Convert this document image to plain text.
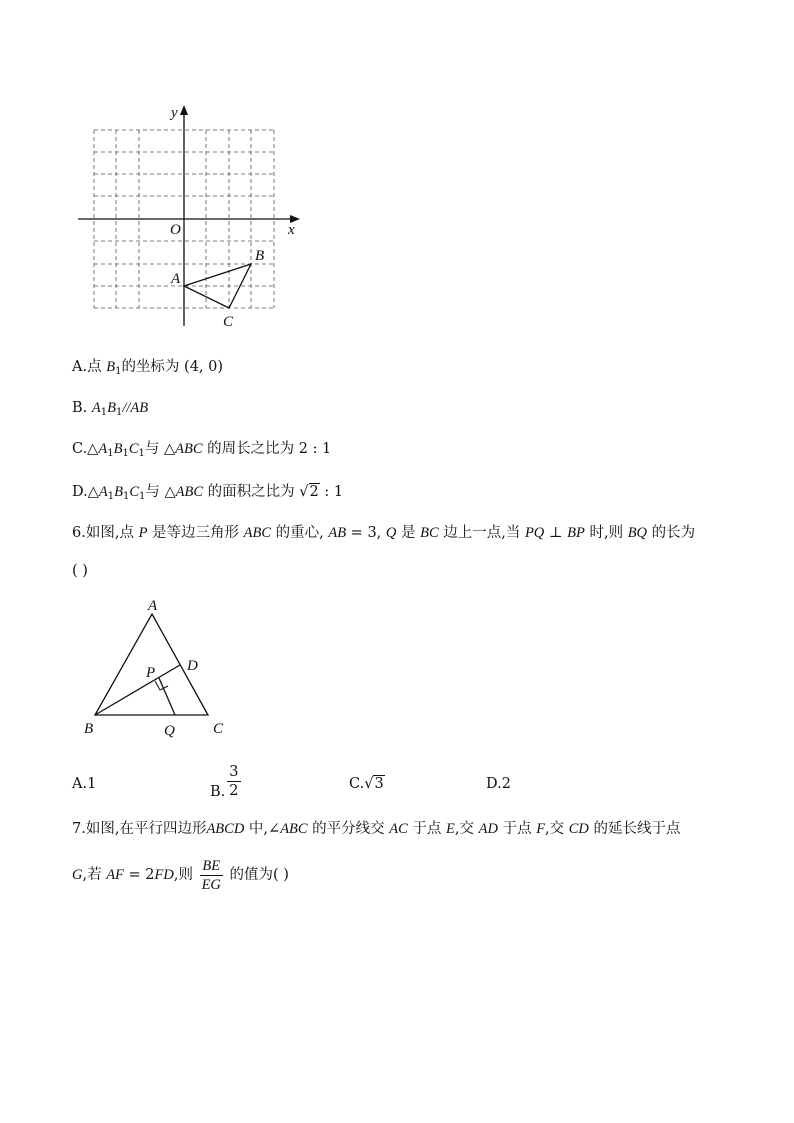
y
x
O
A
B
C
A.点 $B_1$的坐标为 (4, 0)
B. $A_1B_1//AB$
$C.\triangle A_1B_1C_1$与 △ABC 的周长之比为 2 : 1
$D.\triangle A_1B_1C_1$与 △ABC 的面积之比为 √2 : 1
6.如图,点 P 是等边三角形 ABC 的重心, AB = 3, Q 是 BC 边上一点,当 PQ ⊥ BP 时,则 BQ 的长为
( )
A
B	C
D
P
Q
A.1	B. $\frac{3}{2}$	C.√3	D.2
7.如图,在平行四边形ABCD 中,∠ABC 的平分线交 AC 于点 E,交 AD 于点 F,交 CD 的延长线于点
G,若 AF = 2FD,则 $\frac{BE}{EG}$ 的值为( )
